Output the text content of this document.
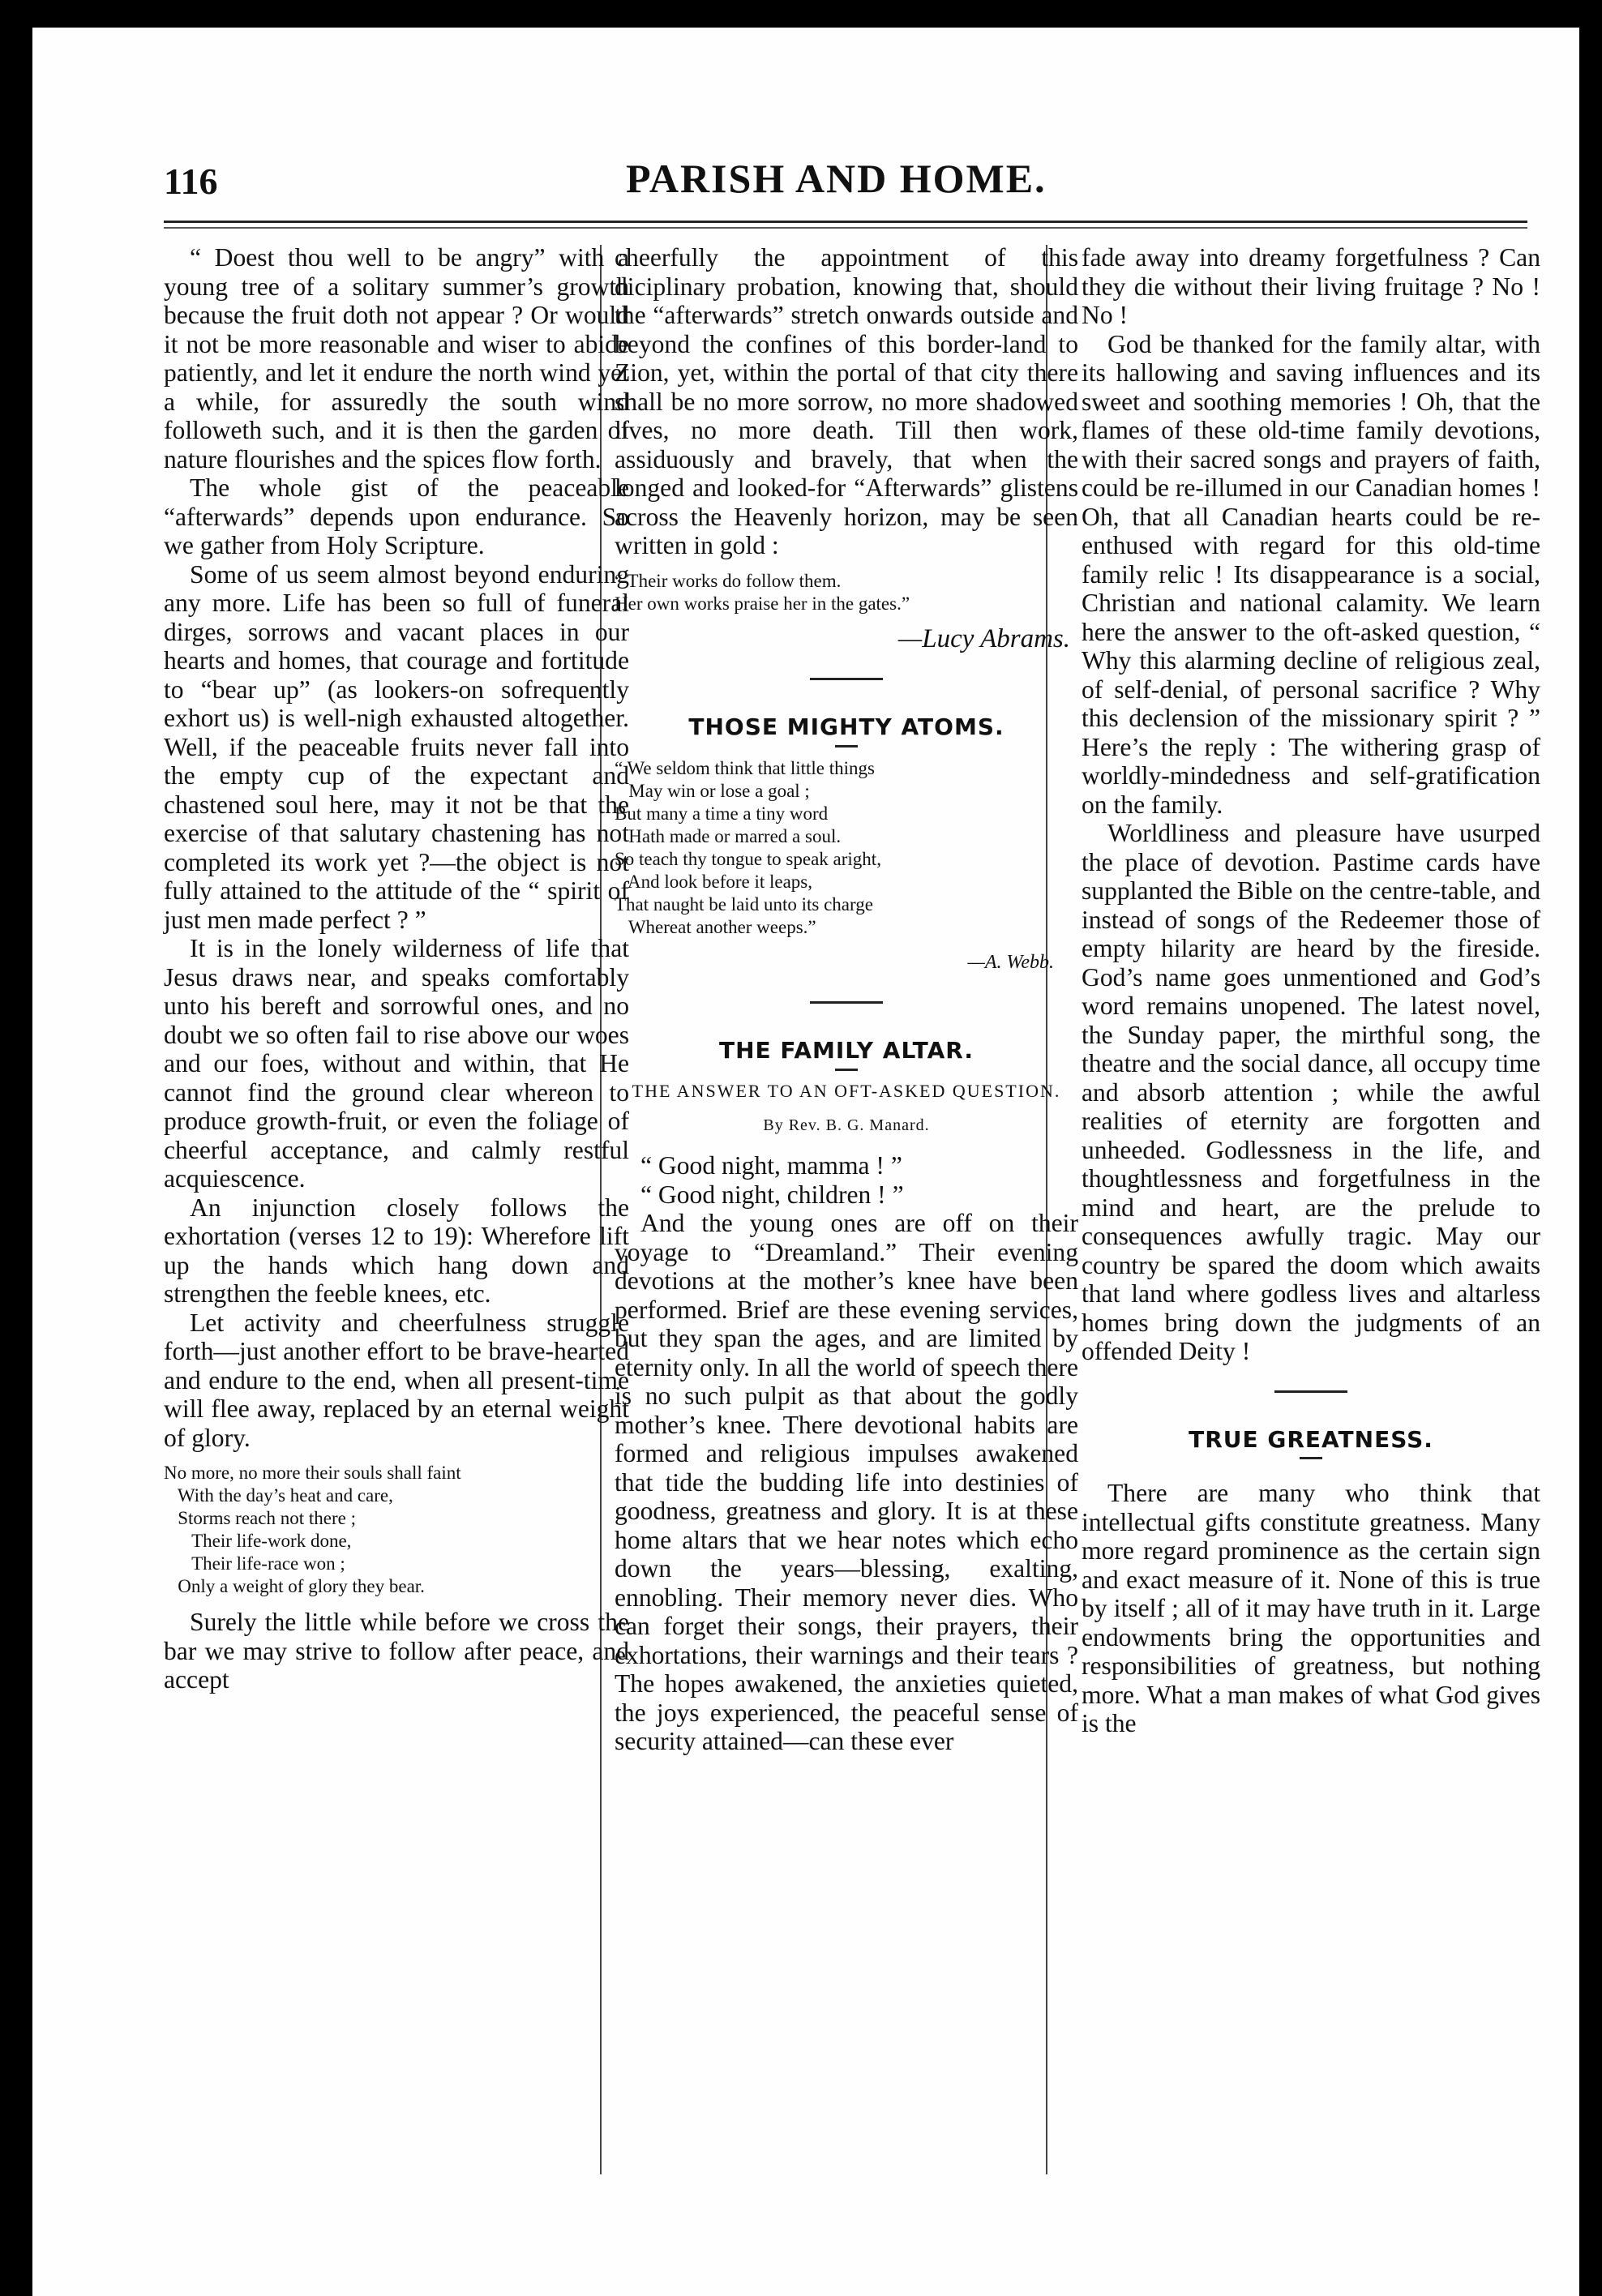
116	PARISH AND HOME.

“ Doest thou well to be angry” with a young tree of a solitary summer’s growth because the fruit doth not appear ? Or would it not be more reasonable and wiser to abide patiently, and let it endure the north wind yet a while, for assuredly the south wind followeth such, and it is then the garden of nature flourishes and the spices flow forth.

The whole gist of the peaceable “afterwards” depends upon endurance. So we gather from Holy Scripture.

Some of us seem almost beyond enduring any more. Life has been so full of funeral dirges, sorrows and vacant places in our hearts and homes, that courage and fortitude to “bear up” (as lookers-on sofrequently exhort us) is well-nigh exhausted altogether. Well, if the peaceable fruits never fall into the empty cup of the expectant and chastened soul here, may it not be that the exercise of that salutary chastening has not completed its work yet ?—the object is not fully attained to the attitude of the “ spirit of just men made perfect ? ”

It is in the lonely wilderness of life that Jesus draws near, and speaks comfortably unto his bereft and sorrowful ones, and no doubt we so often fail to rise above our woes and our foes, without and within, that He cannot find the ground clear whereon to produce growth-fruit, or even the foliage of cheerful acceptance, and calmly restful acquiescence.

An injunction closely follows the exhortation (verses 12 to 19): Wherefore lift up the hands which hang down and strengthen the feeble knees, etc.

Let activity and cheerfulness struggle forth—just another effort to be brave-hearted and endure to the end, when all present-time will flee away, replaced by an eternal weight of glory.

No more, no more their souls shall faint
With the day’s heat and care,
Storms reach not there ;
Their life-work done,
Their life-race won ;
Only a weight of glory they bear.

Surely the little while before we cross the bar we may strive to follow after peace, and accept

cheerfully the appointment of this diciplinary probation, knowing that, should the “afterwards” stretch onwards outside and beyond the confines of this border-land to Zion, yet, within the portal of that city there shall be no more sorrow, no more shadowed lives, no more death. Till then work, assiduously and bravely, that when the longed and looked-for “Afterwards” glistens across the Heavenly horizon, may be seen written in gold :

“ Their works do follow them.
Her own works praise her in the gates.”
—Lucy Abrams.
THOSE MIGHTY ATOMS.
“ We seldom think that little things
May win or lose a goal ;
But many a time a tiny word
Hath made or marred a soul.
So teach thy tongue to speak aright,
And look before it leaps,
That naught be laid unto its charge
Whereat another weeps.”
—A. Webb.
THE FAMILY ALTAR.
THE ANSWER TO AN OFT-ASKED QUESTION.
By Rev. B. G. Manard.
“ Good night, mamma ! ”
“ Good night, children ! ”

And the young ones are off on their voyage to “Dreamland.” Their evening devotions at the mother’s knee have been performed. Brief are these evening services, but they span the ages, and are limited by eternity only. In all the world of speech there is no such pulpit as that about the godly mother’s knee. There devotional habits are formed and religious impulses awakened that tide the budding life into destinies of goodness, greatness and glory. It is at these home altars that we hear notes which echo down the years—blessing, exalting, ennobling. Their memory never dies. Who can forget their songs, their prayers, their exhortations, their warnings and their tears ? The hopes awakened, the anxieties quieted, the joys experienced, the peaceful sense of security attained—can these ever

fade away into dreamy forgetfulness ? Can they die without their living fruitage ? No ! No !

God be thanked for the family altar, with its hallowing and saving influences and its sweet and soothing memories ! Oh, that the flames of these old-time family devotions, with their sacred songs and prayers of faith, could be re-illumed in our Canadian homes ! Oh, that all Canadian hearts could be re-enthused with regard for this old-time family relic ! Its disappearance is a social, Christian and national calamity. We learn here the answer to the oft-asked question, “ Why this alarming decline of religious zeal, of self-denial, of personal sacrifice ? Why this declension of the missionary spirit ? ” Here’s the reply : The withering grasp of worldly-mindedness and self-gratification on the family.

Worldliness and pleasure have usurped the place of devotion. Pastime cards have supplanted the Bible on the centre-table, and instead of songs of the Redeemer those of empty hilarity are heard by the fireside. God’s name goes unmentioned and God’s word remains unopened. The latest novel, the Sunday paper, the mirthful song, the theatre and the social dance, all occupy time and absorb attention ; while the awful realities of eternity are forgotten and unheeded. Godlessness in the life, and thoughtlessness and forgetfulness in the mind and heart, are the prelude to consequences awfully tragic. May our country be spared the doom which awaits that land where godless lives and altarless homes bring down the judgments of an offended Deity !

TRUE GREATNESS.

There are many who think that intellectual gifts constitute greatness. Many more regard prominence as the certain sign and exact measure of it. None of this is true by itself ; all of it may have truth in it. Large endowments bring the opportunities and responsibilities of greatness, but nothing more. What a man makes of what God gives is the
